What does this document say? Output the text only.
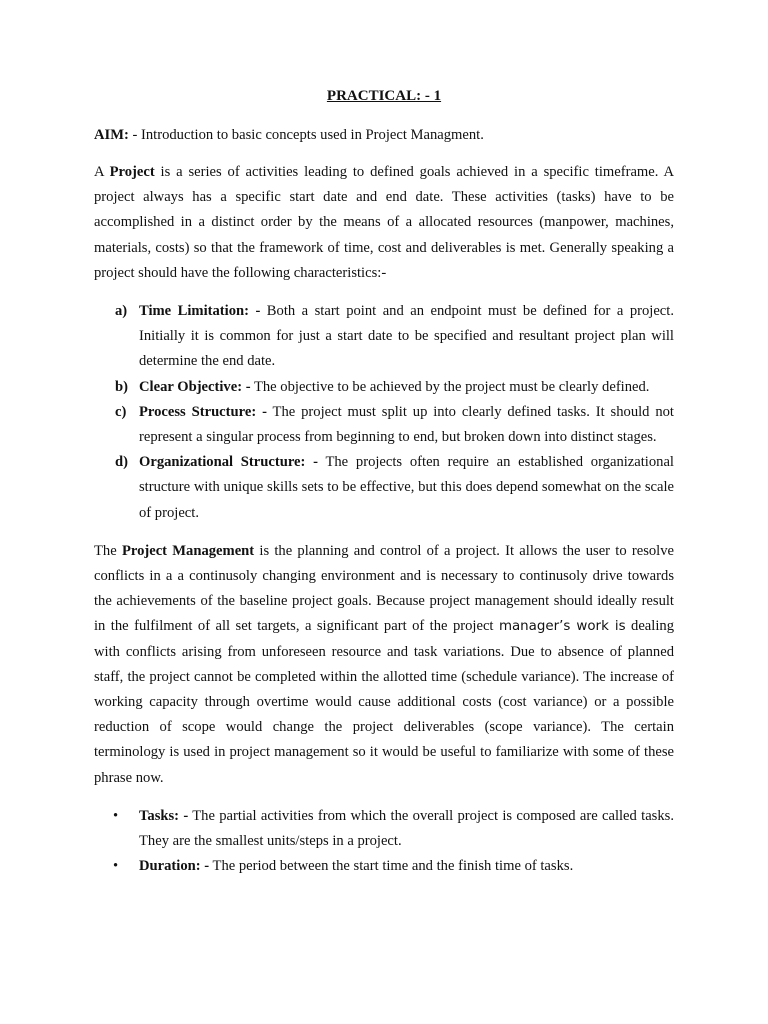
PRACTICAL: - 1
AIM: - Introduction to basic concepts used in Project Managment.

A Project is a series of activities leading to defined goals achieved in a specific timeframe. A project always has a specific start date and end date. These activities (tasks) have to be accomplished in a distinct order by the means of a allocated resources (manpower, machines, materials, costs) so that the framework of time, cost and deliverables is met. Generally speaking a project should have the following characteristics:-

a) Time Limitation: - Both a start point and an endpoint must be defined for a project. Initially it is common for just a start date to be specified and resultant project plan will determine the end date.
b) Clear Objective: - The objective to be achieved by the project must be clearly defined.
c) Process Structure: - The project must split up into clearly defined tasks. It should not represent a singular process from beginning to end, but broken down into distinct stages.
d) Organizational Structure: - The projects often require an established organizational structure with unique skills sets to be effective, but this does depend somewhat on the scale of project.

The Project Management is the planning and control of a project. It allows the user to resolve conflicts in a a continusoly changing environment and is necessary to continusoly drive towards the achievements of the baseline project goals. Because project management should ideally result in the fulfilment of all set targets, a significant part of the project manager’s work is dealing with conflicts arising from unforeseen resource and task variations. Due to absence of planned staff, the project cannot be completed within the allotted time (schedule variance). The increase of working capacity through overtime would cause additional costs (cost variance) or a possible reduction of scope would change the project deliverables (scope variance). The certain terminology is used in project management so it would be useful to familiarize with some of these phrase now.

• Tasks: - The partial activities from which the overall project is composed are called tasks. They are the smallest units/steps in a project.
• Duration: - The period between the start time and the finish time of tasks.
